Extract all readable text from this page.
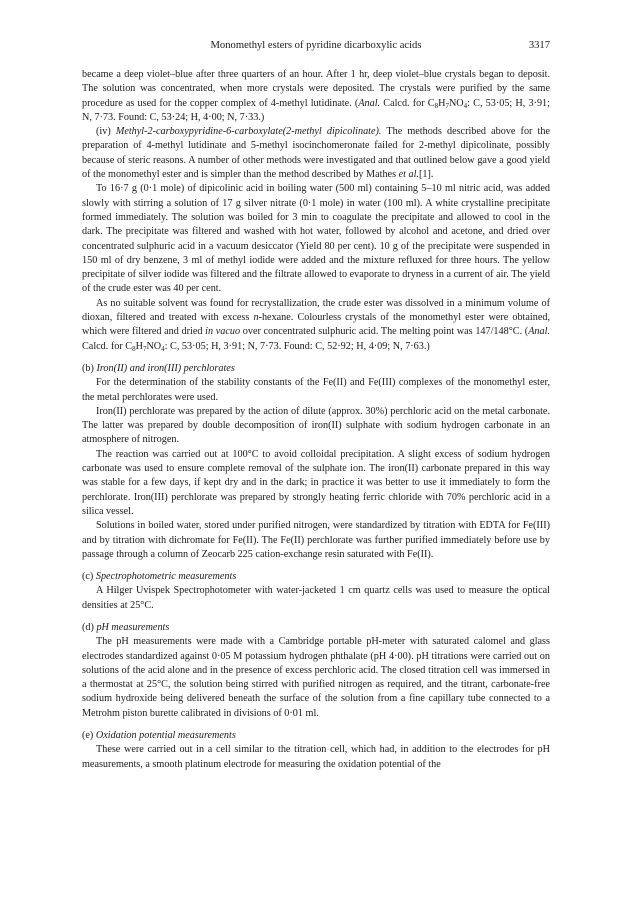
Monomethyl esters of pyridine dicarboxylic acids	3317

became a deep violet–blue after three quarters of an hour. After 1 hr, deep violet–blue crystals began to deposit. The solution was concentrated, when more crystals were deposited. The crystals were purified by the same procedure as used for the copper complex of 4-methyl lutidinate. (Anal. Calcd. for $C_8H_7NO_4$: C, 53·05; H, 3·91; N, 7·73. Found: C, 53·24; H, 4·00; N, 7·33.)

(iv) Methyl-2-carboxypyridine-6-carboxylate(2-methyl dipicolinate). The methods described above for the preparation of 4-methyl lutidinate and 5-methyl isocinchomeronate failed for 2-methyl dipicolinate, possibly because of steric reasons. A number of other methods were investigated and that outlined below gave a good yield of the monomethyl ester and is simpler than the method described by Mathes et al.[1].

To 16·7 g (0·1 mole) of dipicolinic acid in boiling water (500 ml) containing 5–10 ml nitric acid, was added slowly with stirring a solution of 17 g silver nitrate (0·1 mole) in water (100 ml). A white crystalline precipitate formed immediately. The solution was boiled for 3 min to coagulate the precipitate and allowed to cool in the dark. The precipitate was filtered and washed with hot water, followed by alcohol and acetone, and dried over concentrated sulphuric acid in a vacuum desiccator (Yield 80 per cent). 10 g of the precipitate were suspended in 150 ml of dry benzene, 3 ml of methyl iodide were added and the mixture refluxed for three hours. The yellow precipitate of silver iodide was filtered and the filtrate allowed to evaporate to dryness in a current of air. The yield of the crude ester was 40 per cent.

As no suitable solvent was found for recrystallization, the crude ester was dissolved in a minimum volume of dioxan, filtered and treated with excess n-hexane. Colourless crystals of the monomethyl ester were obtained, which were filtered and dried in vacuo over concentrated sulphuric acid. The melting point was 147/148°C. (Anal. Calcd. for $C_8H_7NO_4$: C, 53·05; H, 3·91; N, 7·73. Found: C, 52·92; H, 4·09; N, 7·63.)

(b) Iron(II) and iron(III) perchlorates

For the determination of the stability constants of the Fe(II) and Fe(III) complexes of the monomethyl ester, the metal perchlorates were used.

Iron(II) perchlorate was prepared by the action of dilute (approx. 30%) perchloric acid on the metal carbonate. The latter was prepared by double decomposition of iron(II) sulphate with sodium hydrogen carbonate in an atmosphere of nitrogen.

The reaction was carried out at 100°C to avoid colloidal precipitation. A slight excess of sodium hydrogen carbonate was used to ensure complete removal of the sulphate ion. The iron(II) carbonate prepared in this way was stable for a few days, if kept dry and in the dark; in practice it was better to use it immediately to form the perchlorate. Iron(III) perchlorate was prepared by strongly heating ferric chloride with 70% perchloric acid in a silica vessel.

Solutions in boiled water, stored under purified nitrogen, were standardized by titration with EDTA for Fe(III) and by titration with dichromate for Fe(II). The Fe(II) perchlorate was further purified immediately before use by passage through a column of Zeocarb 225 cation-exchange resin saturated with Fe(II).

(c) Spectrophotometric measurements

A Hilger Uvispek Spectrophotometer with water-jacketed 1 cm quartz cells was used to measure the optical densities at 25°C.

(d) pH measurements

The pH measurements were made with a Cambridge portable pH-meter with saturated calomel and glass electrodes standardized against 0·05 M potassium hydrogen phthalate (pH 4·00). pH titrations were carried out on solutions of the acid alone and in the presence of excess perchloric acid. The closed titration cell was immersed in a thermostat at 25°C, the solution being stirred with purified nitrogen as required, and the titrant, carbonate-free sodium hydroxide being delivered beneath the surface of the solution from a fine capillary tube connected to a Metrohm piston burette calibrated in divisions of 0·01 ml.

(e) Oxidation potential measurements

These were carried out in a cell similar to the titration cell, which had, in addition to the electrodes for pH measurements, a smooth platinum electrode for measuring the oxidation potential of the
